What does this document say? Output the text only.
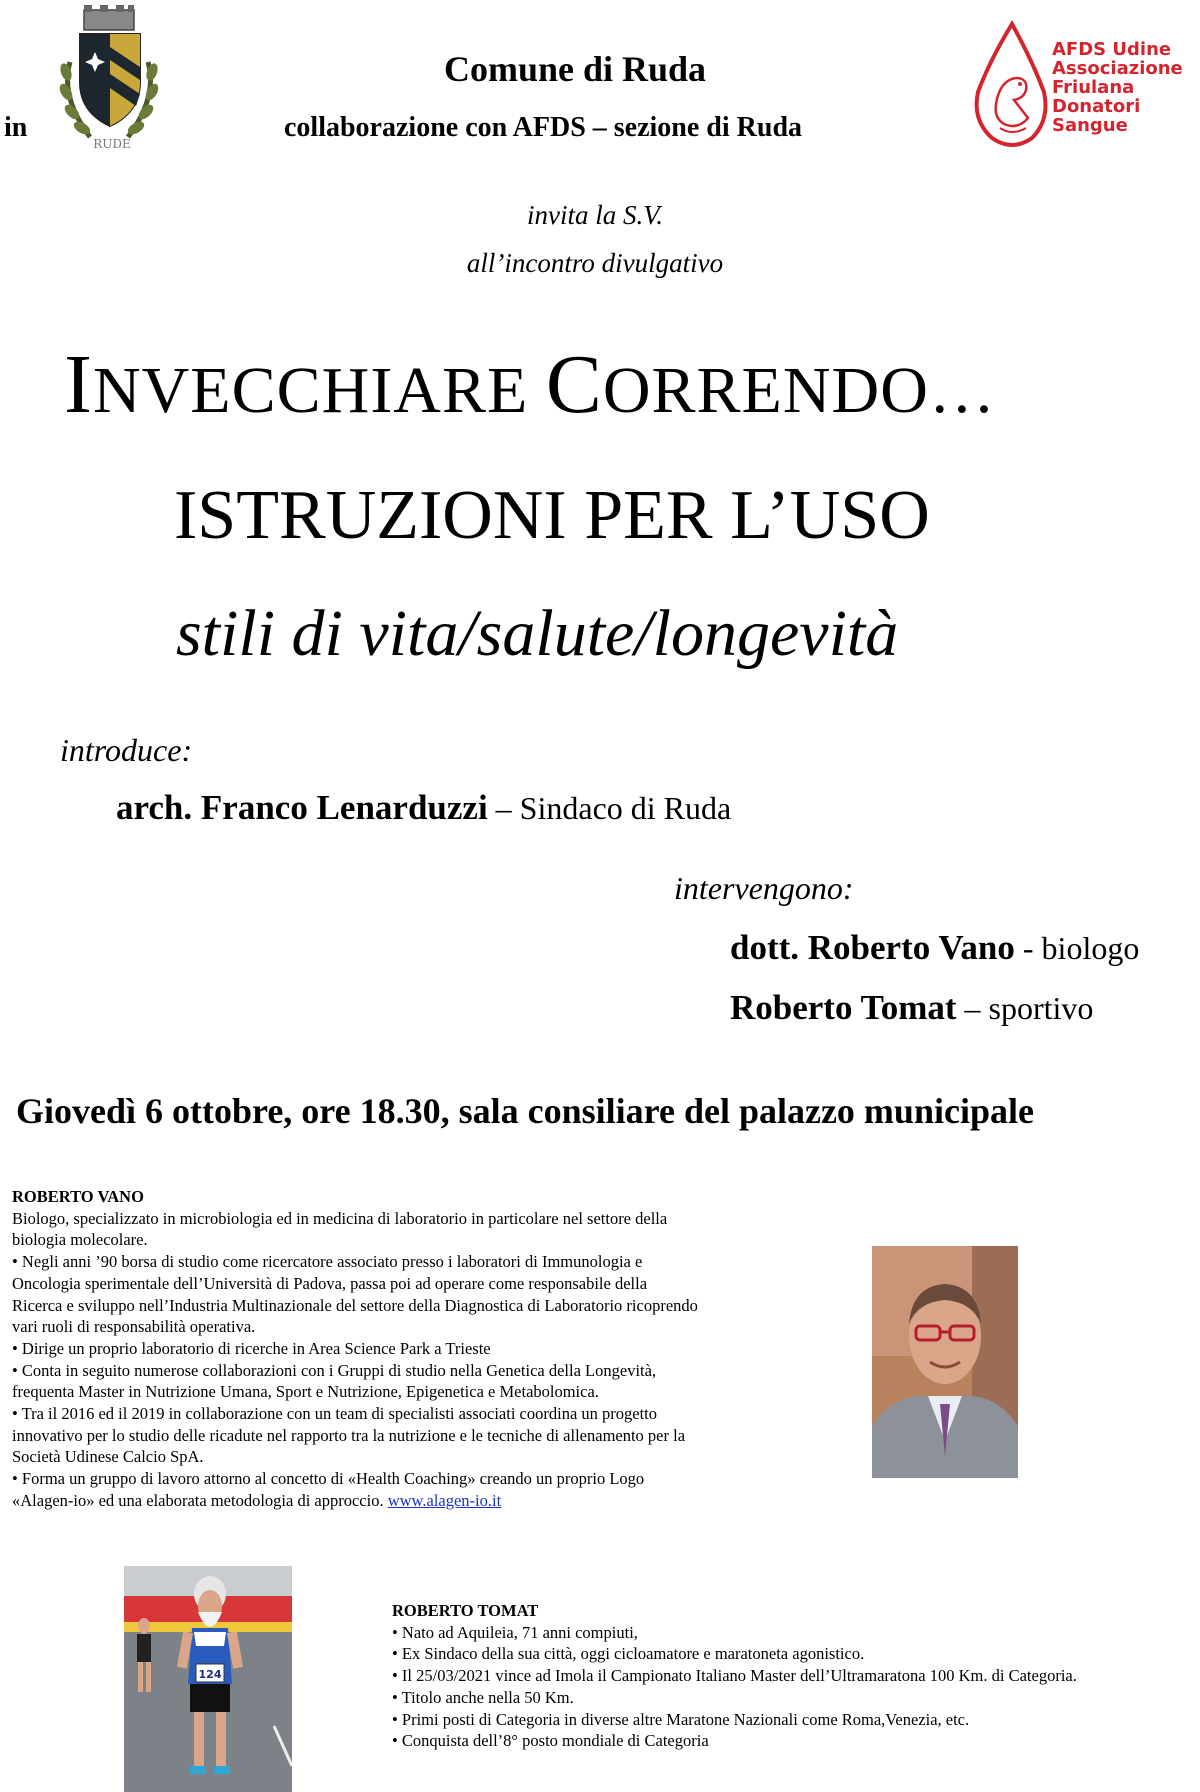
in
RUDE
Comune di Ruda
collaborazione con AFDS – sezione di Ruda
AFDS Udine
Associazione
Friulana
Donatori
Sangue
invita la S.V.
all’incontro divulgativo
INVECCHIARE CORRENDO…
ISTRUZIONI PER L’USO
stili di vita/salute/longevità
introduce:
arch. Franco Lenarduzzi – Sindaco di Ruda
intervengono:
dott. Roberto Vano - biologo
Roberto Tomat – sportivo
Giovedì 6 ottobre, ore 18.30, sala consiliare del palazzo municipale
ROBERTO VANO
Biologo, specializzato in microbiologia ed in medicina di laboratorio in particolare nel settore della
biologia molecolare.
• Negli anni ’90 borsa di studio come ricercatore associato presso i laboratori di Immunologia e
Oncologia sperimentale dell’Università di Padova, passa poi ad operare come responsabile della
Ricerca e sviluppo nell’Industria Multinazionale del settore della Diagnostica di Laboratorio ricoprendo
vari ruoli di responsabilità operativa.
• Dirige un proprio laboratorio di ricerche in Area Science Park a Trieste
• Conta in seguito numerose collaborazioni con i Gruppi di studio nella Genetica della Longevità,
frequenta Master in Nutrizione Umana, Sport e Nutrizione, Epigenetica e Metabolomica.
• Tra il 2016 ed il 2019 in collaborazione con un team di specialisti associati coordina un progetto
innovativo per lo studio delle ricadute nel rapporto tra la nutrizione e le tecniche di allenamento per la
Società Udinese Calcio SpA.
• Forma un gruppo di lavoro attorno al concetto di «Health Coaching» creando un proprio Logo
«Alagen-io» ed una elaborata metodologia di approccio. www.alagen-io.it
124
ROBERTO TOMAT
• Nato ad Aquileia, 71 anni compiuti,
• Ex Sindaco della sua città, oggi cicloamatore e maratoneta agonistico.
• Il 25/03/2021 vince ad Imola il Campionato Italiano Master dell’Ultramaratona 100 Km. di Categoria.
• Titolo anche nella 50 Km.
• Primi posti di Categoria in diverse altre Maratone Nazionali come Roma,Venezia, etc.
• Conquista dell’8° posto mondiale di Categoria
